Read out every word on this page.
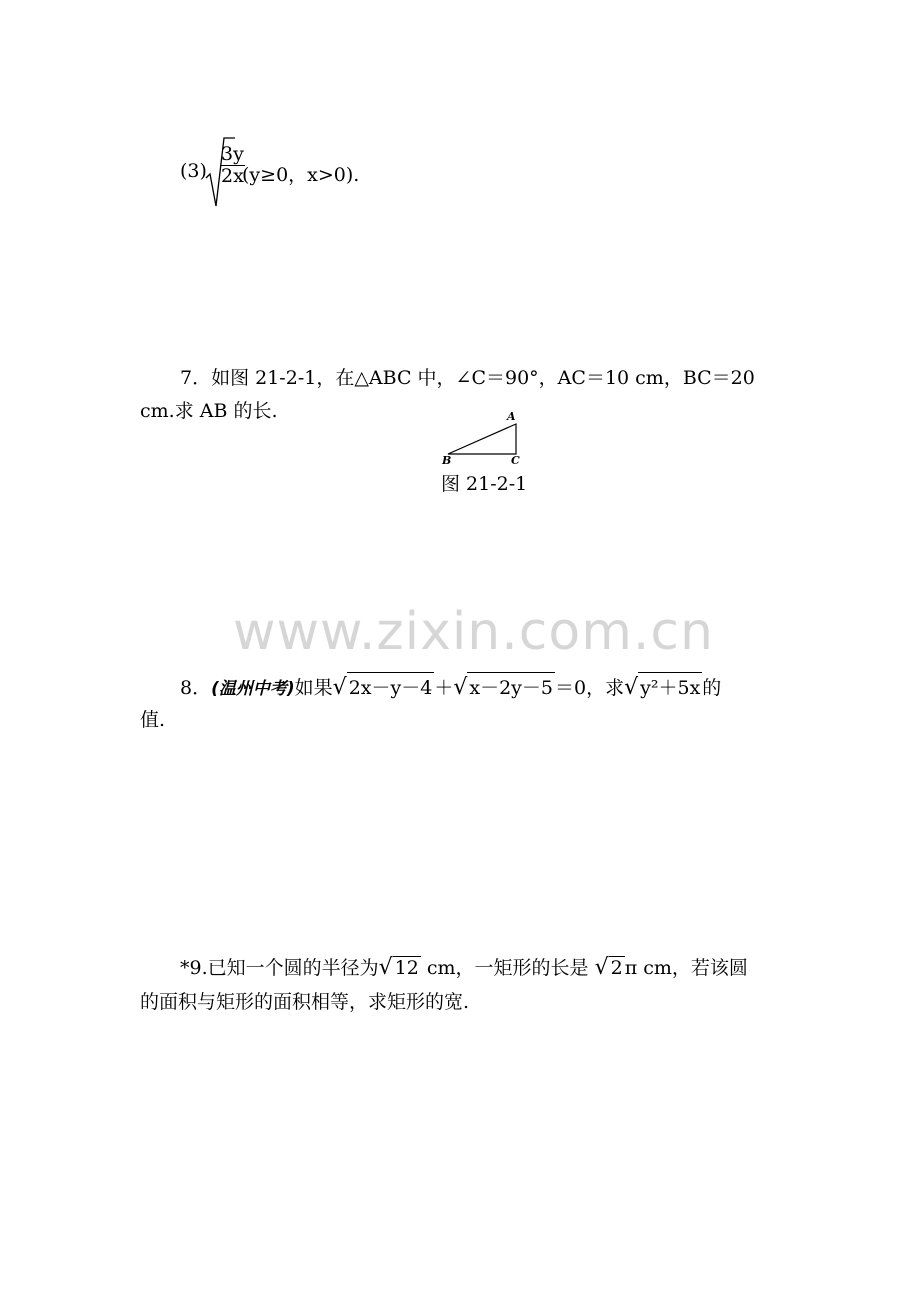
$(3) \frac{3y}{2x}$
(y≥0，x>0).
7．如图 21-2-1，在△ABC 中，∠C＝90°，AC＝10 cm，BC＝20
cm.求 AB 的长.	A
B	C
图 21-2-1
www.zixin.com.cn
8．(温州中考)如果√ 2x－y－4 ＋√ x－2y－5 ＝0，求√ y²＋5x 的
值.
*9.已知一个圆的半径为√ 12 cm，一矩形的长是 √ 2 π cm，若该圆
的面积与矩形的面积相等，求矩形的宽.
